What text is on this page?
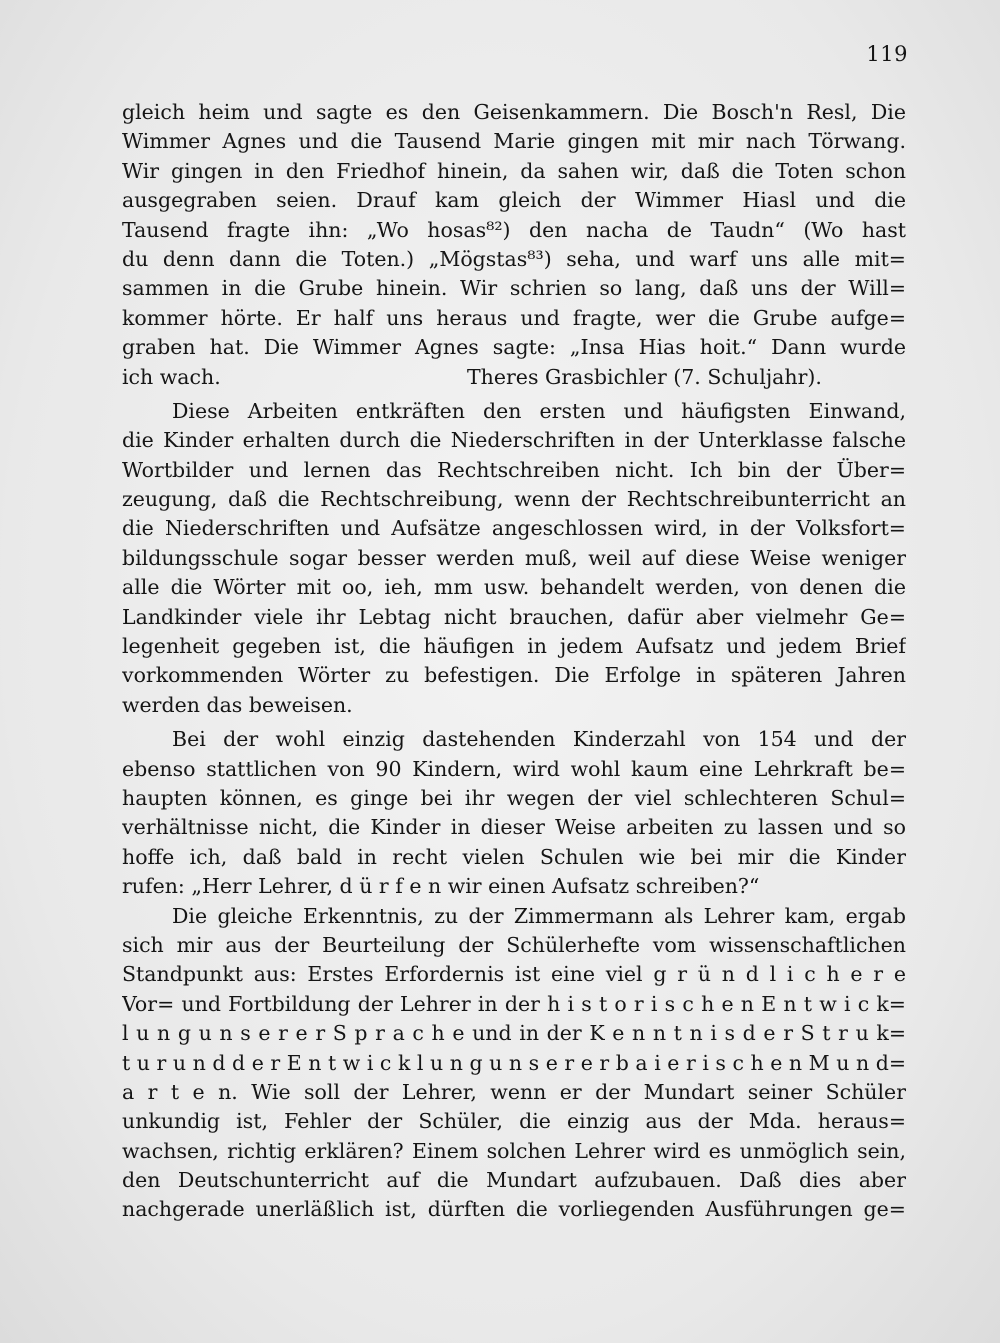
119
gleich heim und sagte es den Geisenkammern. Die Bosch'n Resl, Die
Wimmer Agnes und die Tausend Marie gingen mit mir nach Törwang.
Wir gingen in den Friedhof hinein, da sahen wir, daß die Toten schon
ausgegraben seien. Drauf kam gleich der Wimmer Hiasl und die
Tausend fragte ihn: „Wo hosas⁸²) den nacha de Taudn“ (Wo hast
du denn dann die Toten.) „Mögstas⁸³) seha, und warf uns alle mit=
sammen in die Grube hinein. Wir schrien so lang, daß uns der Will=
kommer hörte. Er half uns heraus und fragte, wer die Grube aufge=
graben hat. Die Wimmer Agnes sagte: „Insa Hias hoit.“ Dann wurde
ich wach.	Theres Grasbichler (7. Schuljahr).
Diese Arbeiten entkräften den ersten und häufigsten Einwand,
die Kinder erhalten durch die Niederschriften in der Unterklasse falsche
Wortbilder und lernen das Rechtschreiben nicht. Ich bin der Über=
zeugung, daß die Rechtschreibung, wenn der Rechtschreibunterricht an
die Niederschriften und Aufsätze angeschlossen wird, in der Volksfort=
bildungsschule sogar besser werden muß, weil auf diese Weise weniger
alle die Wörter mit oo, ieh, mm usw. behandelt werden, von denen die
Landkinder viele ihr Lebtag nicht brauchen, dafür aber vielmehr Ge=
legenheit gegeben ist, die häufigen in jedem Aufsatz und jedem Brief
vorkommenden Wörter zu befestigen. Die Erfolge in späteren Jahren
werden das beweisen.
Bei der wohl einzig dastehenden Kinderzahl von 154 und der
ebenso stattlichen von 90 Kindern, wird wohl kaum eine Lehrkraft be=
haupten können, es ginge bei ihr wegen der viel schlechteren Schul=
verhältnisse nicht, die Kinder in dieser Weise arbeiten zu lassen und so
hoffe ich, daß bald in recht vielen Schulen wie bei mir die Kinder
rufen: „Herr Lehrer, d ü r f e n wir einen Aufsatz schreiben?“
Die gleiche Erkenntnis, zu der Zimmermann als Lehrer kam, ergab
sich mir aus der Beurteilung der Schülerhefte vom wissenschaftlichen
Standpunkt aus: Erstes Erfordernis ist eine viel g r ü n d l i c h e r e
Vor= und Fortbildung der Lehrer in der h i s t o r i s c h e n E n t w i c k=
l u n g u n s e r e r S p r a c h e und in der K e n n t n i s d e r S t r u k=
t u r u n d d e r E n t w i c k l u n g u n s e r e r b a i e r i s c h e n M u n d=
a r t e n. Wie soll der Lehrer, wenn er der Mundart seiner Schüler
unkundig ist, Fehler der Schüler, die einzig aus der Mda. heraus=
wachsen, richtig erklären? Einem solchen Lehrer wird es unmöglich sein,
den Deutschunterricht auf die Mundart aufzubauen. Daß dies aber
nachgerade unerläßlich ist, dürften die vorliegenden Ausführungen ge=
